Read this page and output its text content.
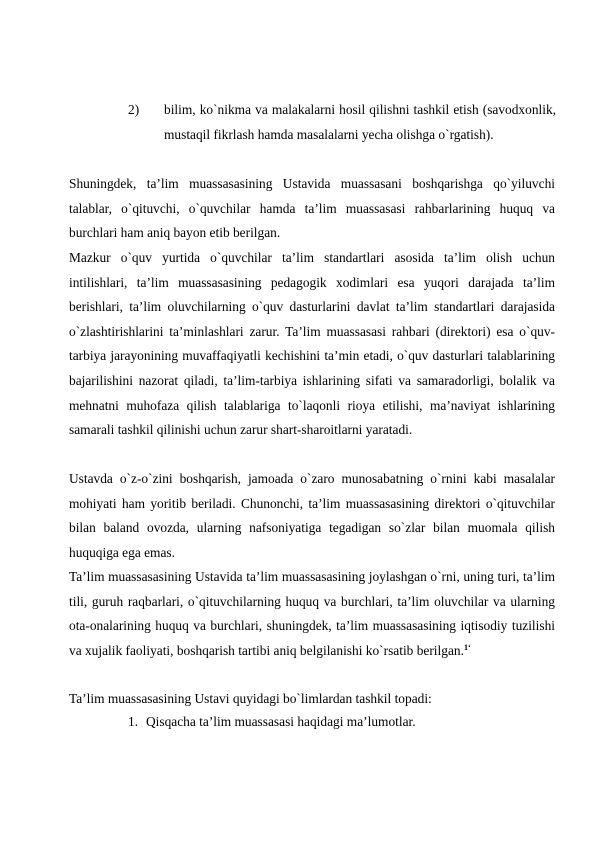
2) bilim, ko`nikma va malakalarni hosil qilishni tashkil etish (savodxonlik, mustaqil fikrlash hamda masalalarni yecha olishga o`rgatish).

Shuningdek, ta’lim muassasasining Ustavida muassasani boshqarishga qo`yiluvchi talablar, o`qituvchi, o`quvchilar hamda ta’lim muassasasi rahbarlarining huquq va burchlari ham aniq bayon etib berilgan.

Mazkur o`quv yurtida o`quvchilar ta’lim standartlari asosida ta’lim olish uchun intilishlari, ta’lim muassasasining pedagogik xodimlari esa yuqori darajada ta’lim berishlari, ta’lim oluvchilarning o`quv dasturlarini davlat ta’lim standartlari darajasida o`zlashtirishlarini ta’minlashlari zarur. Ta’lim muassasasi rahbari (direktori) esa o`quv-tarbiya jarayonining muvaffaqiyatli kechishini ta’min etadi, o`quv dasturlari talablarining bajarilishini nazorat qiladi, ta’lim-tarbiya ishlarining sifati va samaradorligi, bolalik va mehnatni muhofaza qilish talablariga to`laqonli rioya etilishi, ma’naviyat ishlarining samarali tashkil qilinishi uchun zarur shart-sharoitlarni yaratadi.

Ustavda o`z-o`zini boshqarish, jamoada o`zaro munosabatning o`rnini kabi masalalar mohiyati ham yoritib beriladi. Chunonchi, ta’lim muassasasining direktori o`qituvchilar bilan baland ovozda, ularning nafsoniyatiga tegadigan so`zlar bilan muomala qilish huquqiga ega emas.

Ta’lim muassasasining Ustavida ta’lim muassasasining joylashgan o`rni, uning turi, ta’lim tili, guruh raqbarlari, o`qituvchilarning huquq va burchlari, ta’lim oluvchilar va ularning ota-onalarining huquq va burchlari, shuningdek, ta’lim muassasasining iqtisodiy tuzilishi va xujalik faoliyati, boshqarish tartibi aniq belgilanishi ko`rsatib berilgan.$^{1‘}$

Ta’lim muassasasining Ustavi quyidagi bo`limlardan tashkil topadi:

1. Qisqacha ta’lim muassasasi haqidagi ma’lumotlar.
